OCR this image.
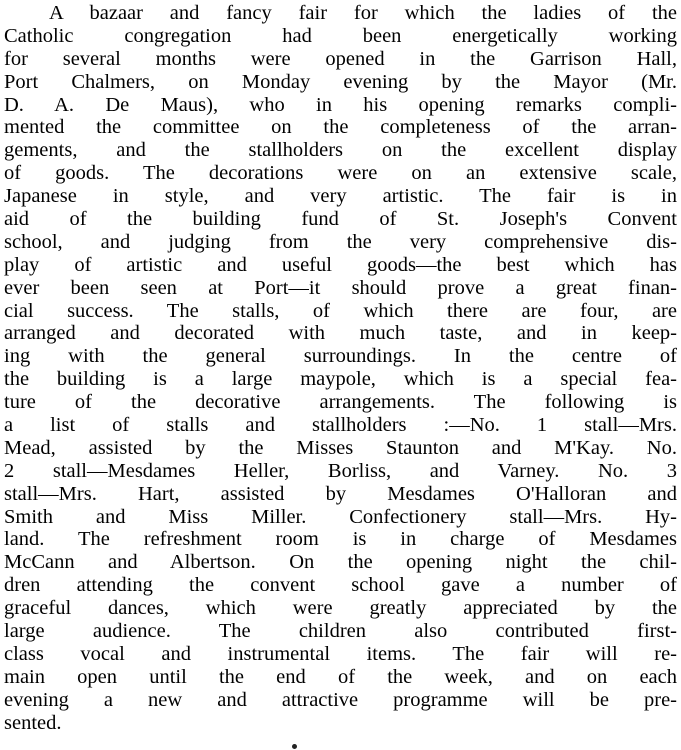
A bazaar and fancy fair for which the ladies of the
Catholic congregation had been energetically working
for several months were opened in the Garrison Hall,
Port Chalmers, on Monday evening by the Mayor (Mr.
D. A. De Maus), who in his opening remarks compli-
mented the committee on the completeness of the arran-
gements, and the stallholders on the excellent display
of goods. The decorations were on an extensive scale,
Japanese in style, and very artistic. The fair is in
aid of the building fund of St. Joseph's Convent
school, and judging from the very comprehensive dis-
play of artistic and useful goods—the best which has
ever been seen at Port—it should prove a great finan-
cial success. The stalls, of which there are four, are
arranged and decorated with much taste, and in keep-
ing with the general surroundings. In the centre of
the building is a large maypole, which is a special fea-
ture of the decorative arrangements. The following is
a list of stalls and stallholders :—No. 1 stall—Mrs.
Mead, assisted by the Misses Staunton and M'Kay. No.
2 stall—Mesdames Heller, Borliss, and Varney. No. 3
stall—Mrs. Hart, assisted by Mesdames O'Halloran and
Smith and Miss Miller. Confectionery stall—Mrs. Hy-
land. The refreshment room is in charge of Mesdames
McCann and Albertson. On the opening night the chil-
dren attending the convent school gave a number of
graceful dances, which were greatly appreciated by the
large audience. The children also contributed first-
class vocal and instrumental items. The fair will re-
main open until the end of the week, and on each
evening a new and attractive programme will be pre-
sented.
